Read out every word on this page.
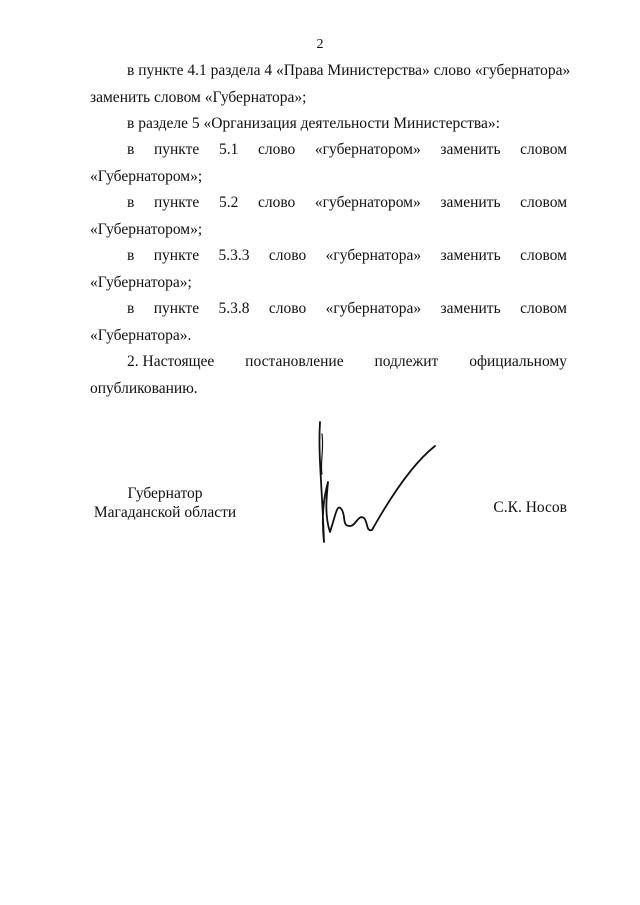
2
в пункте 4.1 раздела 4 «Права Министерства» слово «губернатора»
заменить словом «Губернатора»;
в разделе 5 «Организация деятельности Министерства»:
в пункте 5.1 слово «губернатором» заменить словом
«Губернатором»;
в пункте 5.2 слово «губернатором» заменить словом
«Губернатором»;
в пункте 5.3.3 слово «губернатора» заменить словом
«Губернатора»;
в пункте 5.3.8 слово «губернатора» заменить словом
«Губернатора».
2. Настоящее постановление подлежит официальному
опубликованию.
Губернатор
Магаданской области	С.К. Носов
